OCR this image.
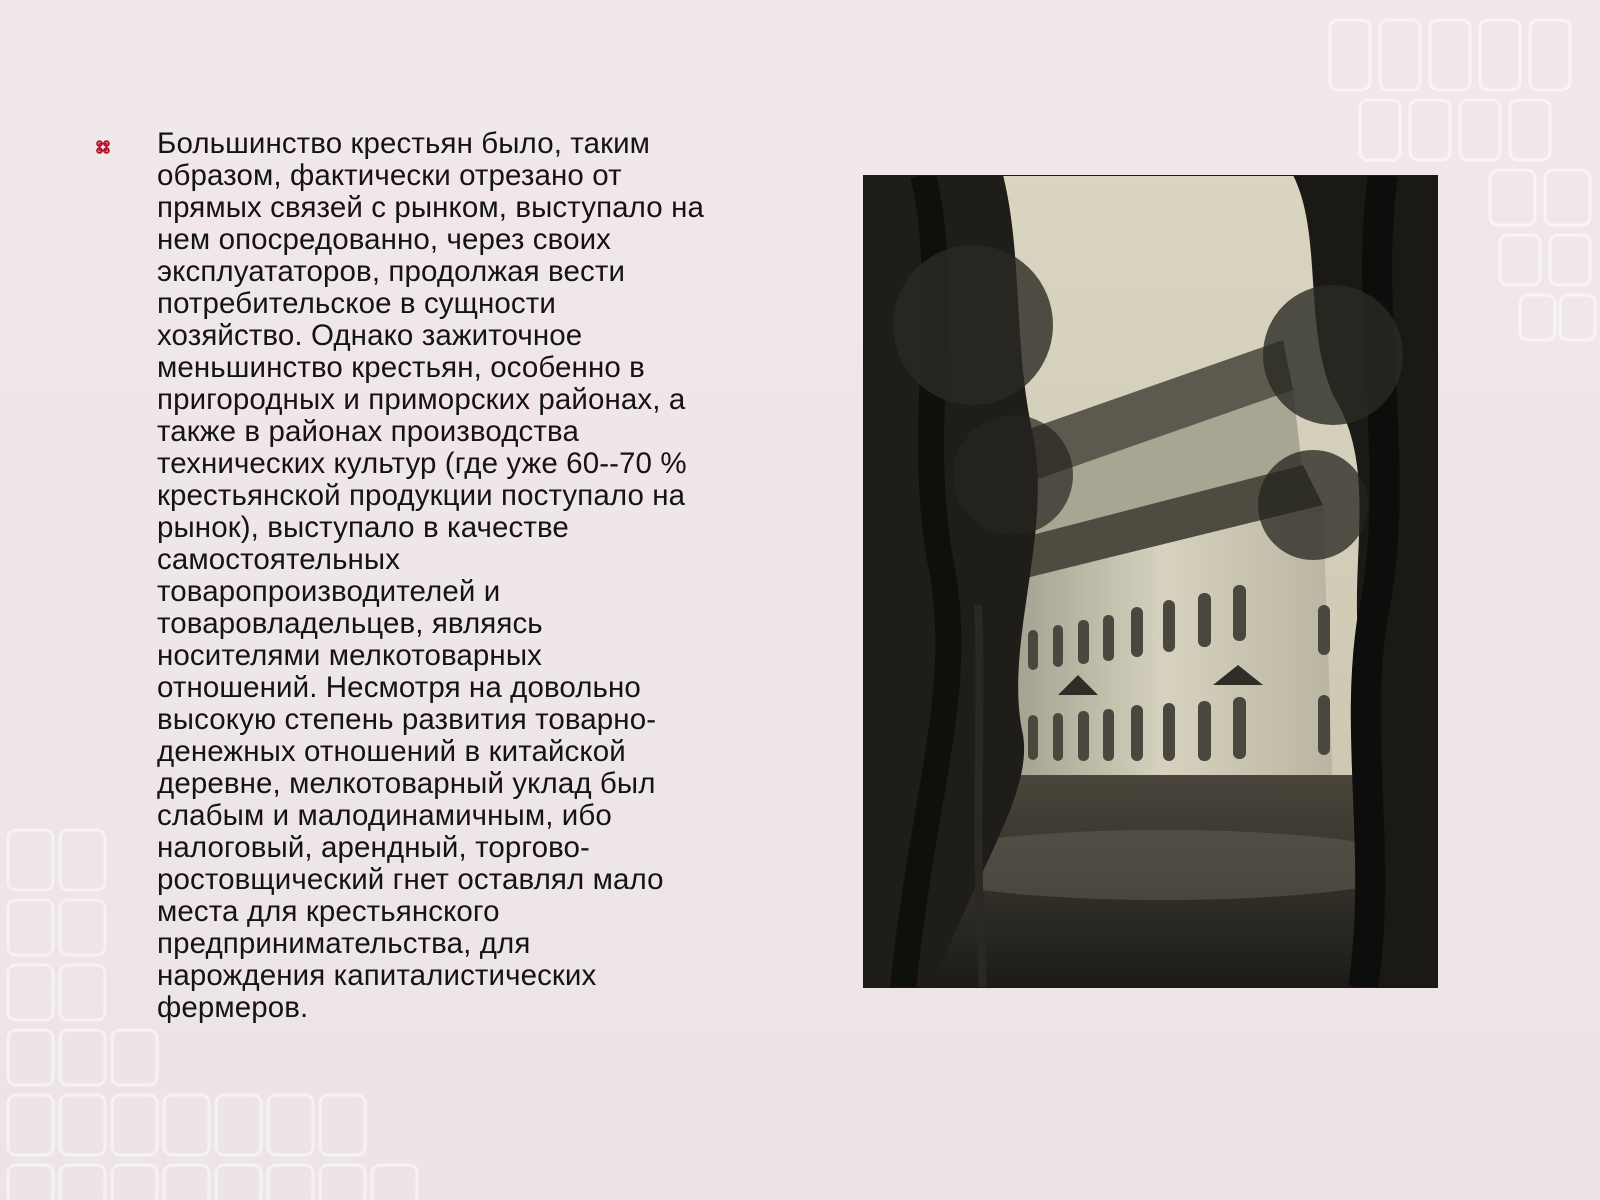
Большинство крестьян было, таким
образом, фактически отрезано от
прямых связей с рынком, выступало на
нем опосредованно, через своих
эксплуататоров, продолжая вести
потребительское в сущности
хозяйство. Однако зажиточное
меньшинство крестьян, особенно в
пригородных и приморских районах, а
также в районах производства
технических культур (где уже 60--70 %
крестьянской продукции поступало на
рынок), выступало в качестве
самостоятельных
товаропроизводителей и
товаровладельцев, являясь
носителями мелкотоварных
отношений. Несмотря на довольно
высокую степень развития товарно-
денежных отношений в китайской
деревне, мелкотоварный уклад был
слабым и малодинамичным, ибо
налоговый, арендный, торгово-
ростовщический гнет оставлял мало
места для крестьянского
предпринимательства, для
нарождения капиталистических
фермеров.
